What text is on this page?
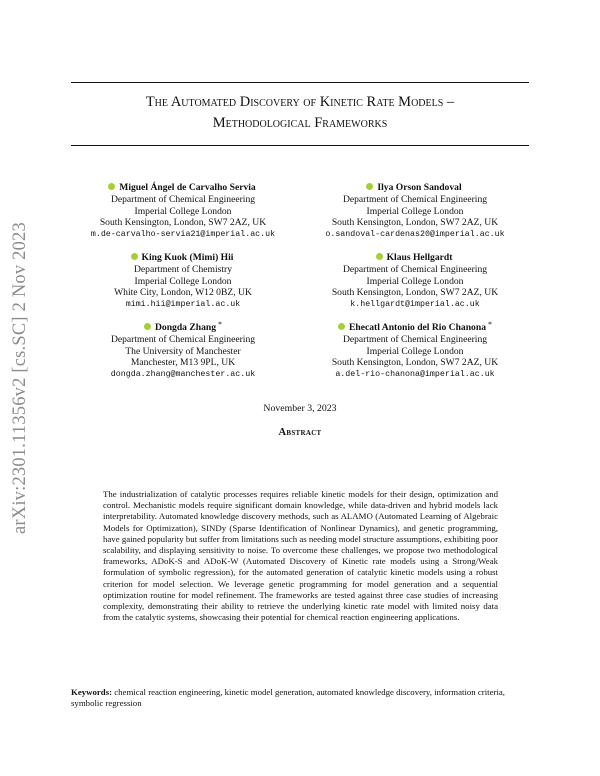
arXiv:2301.11356v2 [cs.SC] 2 Nov 2023
The Automated Discovery of Kinetic Rate Models –
Methodological Frameworks
Miguel Ángel de Carvalho Servia
Department of Chemical Engineering
Imperial College London
South Kensington, London, SW7 2AZ, UK
m.de-carvalho-servia21@imperial.ac.uk
Ilya Orson Sandoval
Department of Chemical Engineering
Imperial College London
South Kensington, London, SW7 2AZ, UK
o.sandoval-cardenas20@imperial.ac.uk
King Kuok (Mimi) Hii
Department of Chemistry
Imperial College London
White City, London, W12 0BZ, UK
mimi.hii@imperial.ac.uk
Klaus Hellgardt
Department of Chemical Engineering
Imperial College London
South Kensington, London, SW7 2AZ, UK
k.hellgardt@imperial.ac.uk
Dongda Zhang *
Department of Chemical Engineering
The University of Manchester
Manchester, M13 9PL, UK
dongda.zhang@manchester.ac.uk
Ehecatl Antonio del Rio Chanona *
Department of Chemical Engineering
Imperial College London
South Kensington, London, SW7 2AZ, UK
a.del-rio-chanona@imperial.ac.uk
November 3, 2023
Abstract

The industrialization of catalytic processes requires reliable kinetic models for their design, optimization and control. Mechanistic models require significant domain knowledge, while data-driven and hybrid models lack interpretability. Automated knowledge discovery methods, such as ALAMO (Automated Learning of Algebraic Models for Optimization), SINDy (Sparse Identification of Nonlinear Dynamics), and genetic programming, have gained popularity but suffer from limitations such as needing model structure assumptions, exhibiting poor scalability, and displaying sensitivity to noise. To overcome these challenges, we propose two methodological frameworks, ADoK-S and ADoK-W (Automated Discovery of Kinetic rate models using a Strong/Weak formulation of symbolic regression), for the automated generation of catalytic kinetic models using a robust criterion for model selection. We leverage genetic programming for model generation and a sequential optimization routine for model refinement. The frameworks are tested against three case studies of increasing complexity, demonstrating their ability to retrieve the underlying kinetic rate model with limited noisy data from the catalytic systems, showcasing their potential for chemical reaction engineering applications.

Keywords: chemical reaction engineering, kinetic model generation, automated knowledge discovery, information criteria, symbolic regression
